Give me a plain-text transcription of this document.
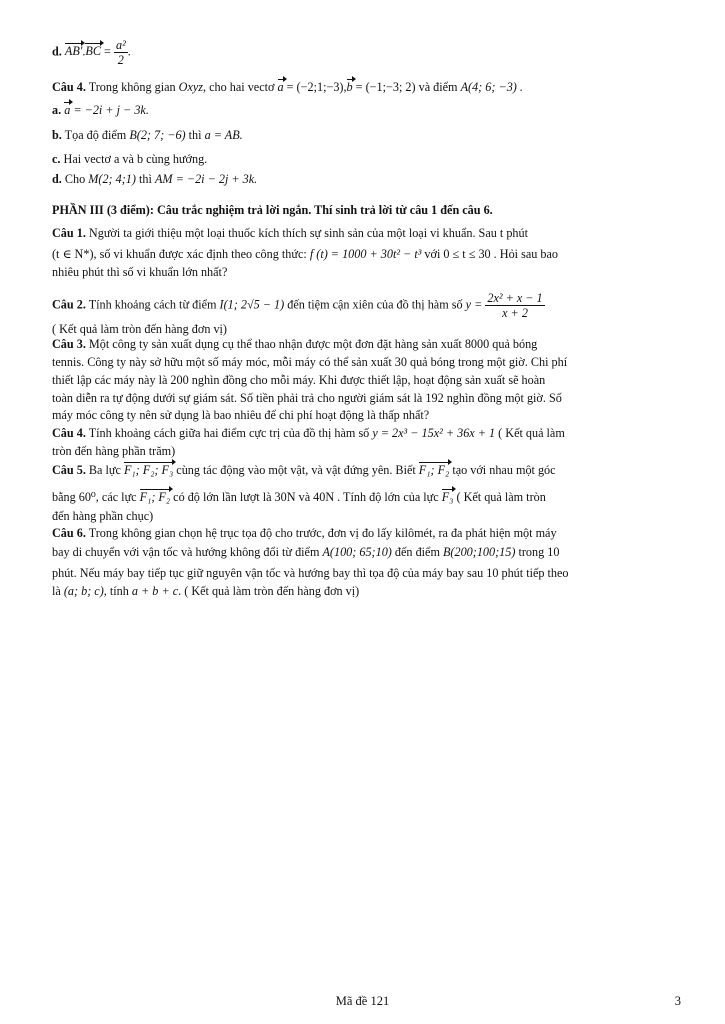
d. $AB'.BC = \frac{\text{a²}}{2}$ .
Câu 4. Trong không gian Oxyz, cho hai vectơ a = (−2;1;−3),b = (−1;−3; 2) và điểm A(4; 6; −3) .
a. a = −2i + j − 3k.
b. Tọa độ điểm B(2; 7; −6) thì a = AB.
c. Hai vectơ a và b cùng hướng.
d. Cho M(2; 4;1) thì AM = −2i − 2j + 3k.
PHẦN III (3 điểm): Câu trắc nghiệm trả lời ngắn. Thí sinh trả lời từ câu 1 đến câu 6.
Câu 1. Người ta giới thiệu một loại thuốc kích thích sự sinh sản của một loại vi khuẩn. Sau t phút
(t ∈ N*), số vi khuẩn được xác định theo công thức: f (t) = 1000 + 30t² − t³ với 0 ≤ t ≤ 30 . Hỏi sau bao
nhiêu phút thì số vi khuẩn lớn nhất?
Câu 2. Tính khoảng cách từ điểm I(1; 2√5 − 1) đến tiệm cận xiên của đồ thị hàm số $y = \frac{\text{2x² + x − 1}}{x + 2}$
( Kết quả làm tròn đến hàng đơn vị)
Câu 3. Một công ty sản xuất dụng cụ thể thao nhận được một đơn đặt hàng sản xuất 8000 quả bóng
tennis. Công ty này sở hữu một số máy móc, mỗi máy có thể sản xuất 30 quả bóng trong một giờ. Chi phí
thiết lập các máy này là 200 nghìn đồng cho mỗi máy. Khi được thiết lập, hoạt động sản xuất sẽ hoàn
toàn diễn ra tự động dưới sự giám sát. Số tiền phải trả cho người giám sát là 192 nghìn đồng một giờ. Số
máy móc công ty nên sử dụng là bao nhiêu để chi phí hoạt động là thấp nhất?
Câu 4. Tính khoảng cách giữa hai điểm cực trị của đồ thị hàm số y = 2x³ − 15x² + 36x + 1 ( Kết quả làm
tròn đến hàng phần trăm)
Câu 5. Ba lực F₁; F₂; F₃ cùng tác động vào một vật, và vật đứng yên. Biết F₁; F₂ tạo với nhau một góc
bằng 60⁰, các lực F₁; F₂ có độ lớn lần lượt là 30N và 40N . Tính độ lớn của lực F₃ ( Kết quả làm tròn
đến hàng phần chục)
Câu 6. Trong không gian chọn hệ trục tọa độ cho trước, đơn vị đo lấy kilômét, ra đa phát hiện một máy
bay di chuyển với vận tốc và hướng không đổi từ điểm A(100; 65;10) đến điểm B(200;100;15) trong 10
phút. Nếu máy bay tiếp tục giữ nguyên vận tốc và hướng bay thì tọa độ của máy bay sau 10 phút tiếp theo
là (a; b; c), tính a + b + c. ( Kết quả làm tròn đến hàng đơn vị)
Mã đề 121	3
